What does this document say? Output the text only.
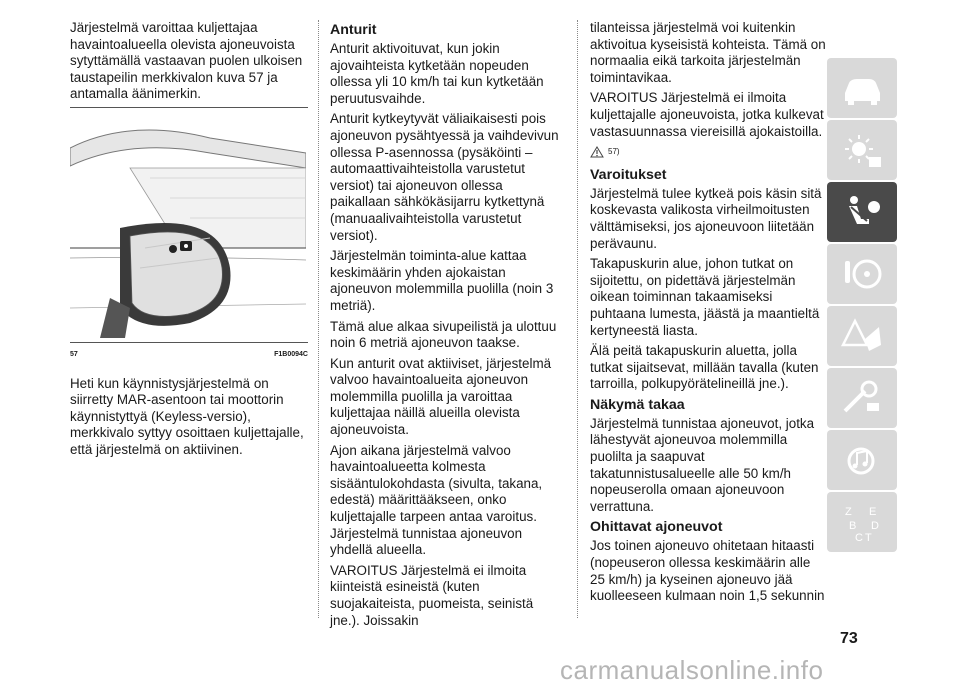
Järjestelmä varoittaa kuljettajaa havaintoalueella olevista ajoneuvoista sytyttämällä vastaavan puolen ulkoisen taustapeilin merkkivalon kuva 57 ja antamalla äänimerkin.

57	F1B0094C

Heti kun käynnistysjärjestelmä on siirretty MAR-asentoon tai moottorin käynnistyttyä (Keyless-versio), merkkivalo syttyy osoittaen kuljettajalle, että järjestelmä on aktiivinen.

Anturit

Anturit aktivoituvat, kun jokin ajovaihteista kytketään nopeuden ollessa yli 10 km/h tai kun kytketään peruutusvaihde.

Anturit kytkeytyvät väliaikaisesti pois ajoneuvon pysähtyessä ja vaihdevivun ollessa P-asennossa (pysäköinti – automaattivaihteistolla varustetut versiot) tai ajoneuvon ollessa paikallaan sähkökäsijarru kytkettynä (manuaalivaihteistolla varustetut versiot).

Järjestelmän toiminta-alue kattaa keskimäärin yhden ajokaistan ajoneuvon molemmilla puolilla (noin 3 metriä).

Tämä alue alkaa sivupeilistä ja ulottuu noin 6 metriä ajoneuvon taakse.

Kun anturit ovat aktiiviset, järjestelmä valvoo havaintoalueita ajoneuvon molemmilla puolilla ja varoittaa kuljettajaa näillä alueilla olevista ajoneuvoista.

Ajon aikana järjestelmä valvoo havaintoalueetta kolmesta sisääntulokohdasta (sivulta, takana, edestä) määrittääkseen, onko kuljettajalle tarpeen antaa varoitus. Järjestelmä tunnistaa ajoneuvon yhdellä alueella.

VAROITUS Järjestelmä ei ilmoita kiinteistä esineistä (kuten suojakaiteista, puomeista, seinistä jne.). Joissakin

tilanteissa järjestelmä voi kuitenkin aktivoitua kyseisistä kohteista. Tämä on normaalia eikä tarkoita järjestelmän toimintavikaa.

VAROITUS Järjestelmä ei ilmoita kuljettajalle ajoneuvoista, jotka kulkevat vastasuunnassa viereisillä ajokaistoilla.

57)
Varoitukset

Järjestelmä tulee kytkeä pois käsin sitä koskevasta valikosta virheilmoitusten välttämiseksi, jos ajoneuvoon liitetään perävaunu.

Takapuskurin alue, johon tutkat on sijoitettu, on pidettävä järjestelmän oikean toiminnan takaamiseksi puhtaana lumesta, jäästä ja maantieltä kertyneestä liasta.

Älä peitä takapuskurin aluetta, jolla tutkat sijaitsevat, millään tavalla (kuten tarroilla, polkupyörätelineillä jne.).

Näkymä takaa

Järjestelmä tunnistaa ajoneuvot, jotka lähestyvät ajoneuvoa molemmilla puolilta ja saapuvat takatunnistusalueelle alle 50 km/h nopeuserolla omaan ajoneuvoon verrattuna.

Ohittavat ajoneuvot

Jos toinen ajoneuvo ohitetaan hitaasti (nopeuseron ollessa keskimäärin alle 25 km/h) ja kyseinen ajoneuvo jää kuolleeseen kulmaan noin 1,5 sekunnin

Z E
B D
C T
73
carmanualsonline.info
